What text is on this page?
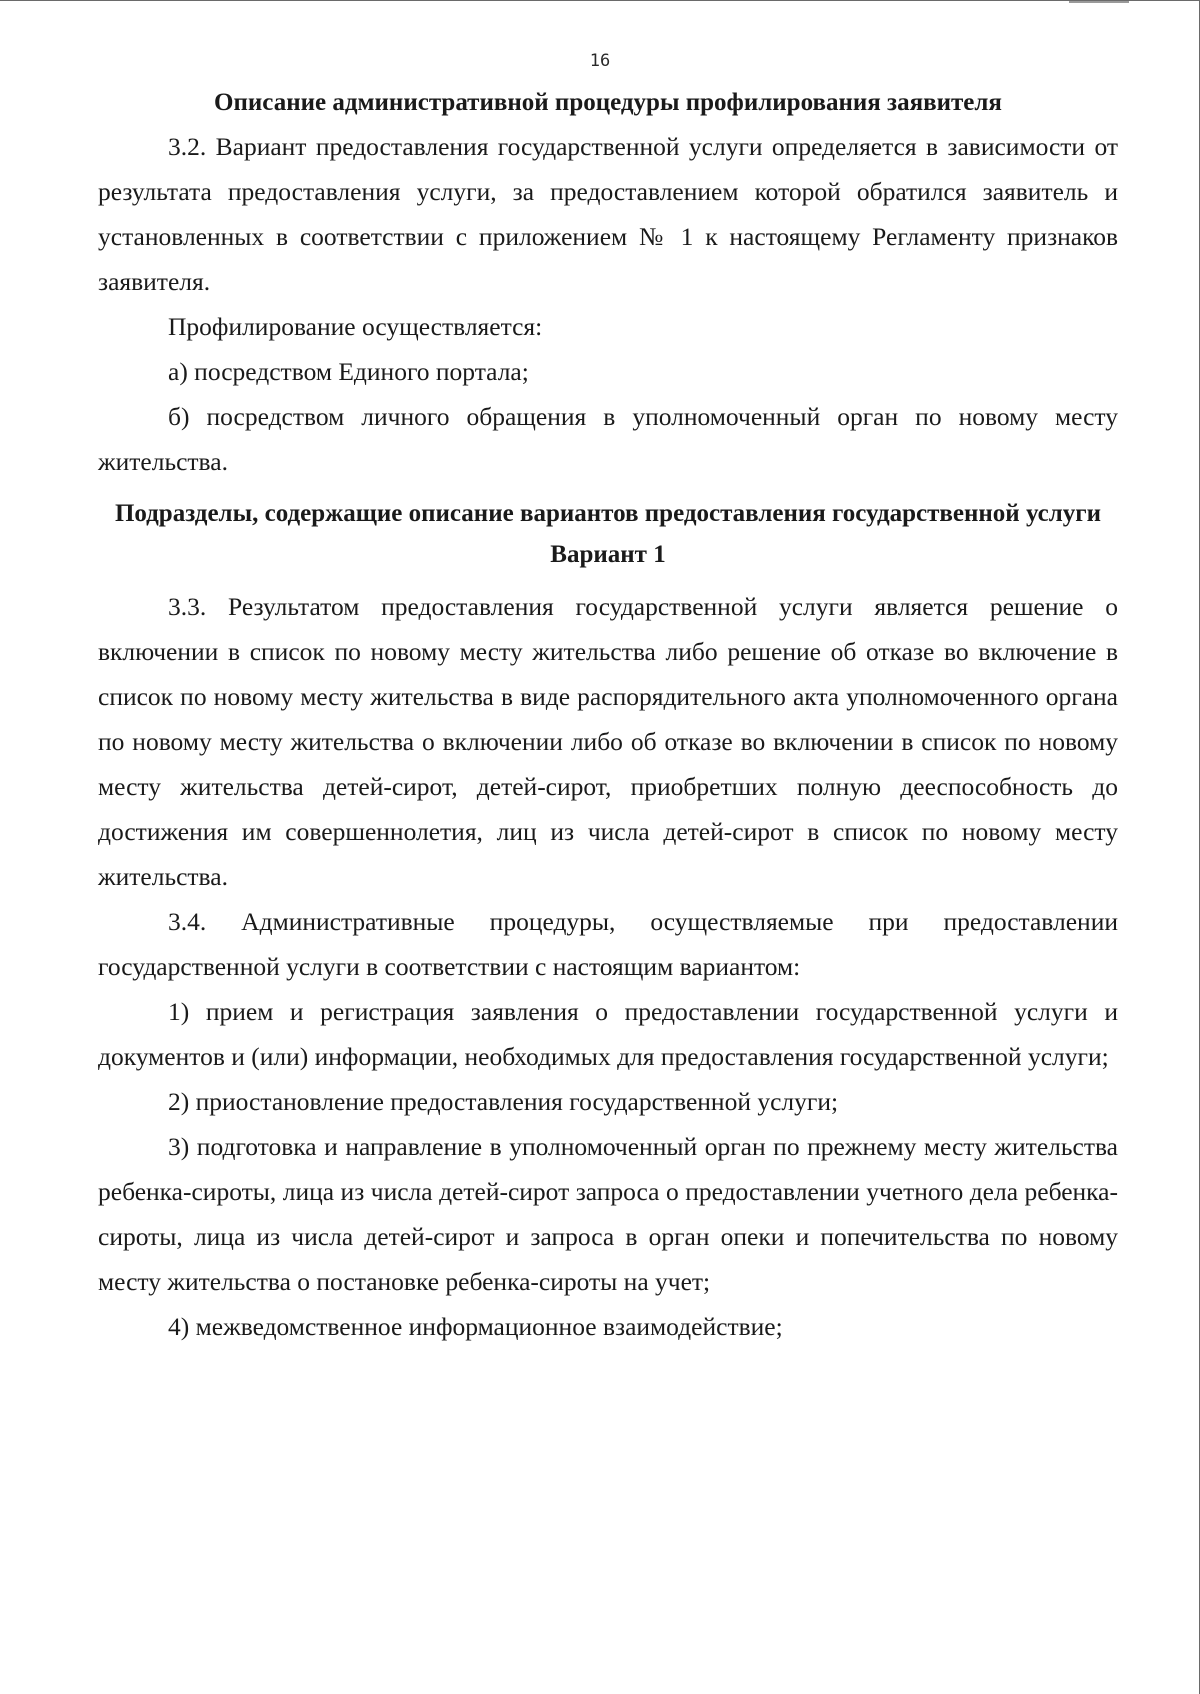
16

Описание административной процедуры профилирования заявителя

3.2. Вариант предоставления государственной услуги определяется в зависимости от результата предоставления услуги, за предоставлением которой обратился заявитель и установленных в соответствии с приложением № 1 к настоящему Регламенту признаков заявителя.

Профилирование осуществляется:

а) посредством Единого портала;

б) посредством личного обращения в уполномоченный орган по новому месту жительства.

Подразделы, содержащие описание вариантов предоставления государственной услуги

Вариант 1

3.3. Результатом предоставления государственной услуги является решение о включении в список по новому месту жительства либо решение об отказе во включение в список по новому месту жительства в виде распорядительного акта уполномоченного органа по новому месту жительства о включении либо об отказе во включении в список по новому месту жительства детей-сирот, детей-сирот, приобретших полную дееспособность до достижения им совершеннолетия, лиц из числа детей-сирот в список по новому месту жительства.

3.4. Административные процедуры, осуществляемые при предоставлении государственной услуги в соответствии с настоящим вариантом:

1) прием и регистрация заявления о предоставлении государственной услуги и документов и (или) информации, необходимых для предоставления государственной услуги;

2) приостановление предоставления государственной услуги;

3) подготовка и направление в уполномоченный орган по прежнему месту жительства ребенка-сироты, лица из числа детей-сирот запроса о предоставлении учетного дела ребенка-сироты, лица из числа детей-сирот и запроса в орган опеки и попечительства по новому месту жительства о постановке ребенка-сироты на учет;

4) межведомственное информационное взаимодействие;
